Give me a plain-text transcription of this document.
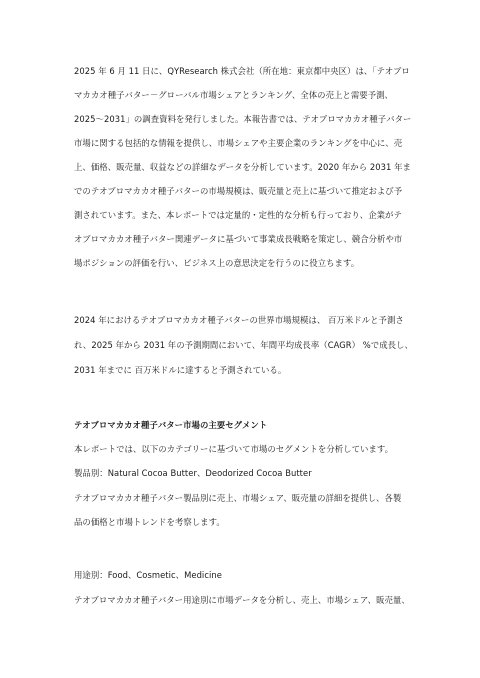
2025 年 6 月 11 日に、QYResearch 株式会社（所在地：東京都中央区）は、「テオブロ
マカカオ種子バター－グローバル市場シェアとランキング、全体の売上と需要予測、
2025～2031」の調査資料を発行しました。本報告書では、テオブロマカカオ種子バター
市場に関する包括的な情報を提供し、市場シェアや主要企業のランキングを中心に、売
上、価格、販売量、収益などの詳細なデータを分析しています。2020 年から 2031 年ま
でのテオブロマカカオ種子バターの市場規模は、販売量と売上に基づいて推定および予
測されています。また、本レポートでは定量的・定性的な分析も行っており、企業がテ
オブロマカカオ種子バター関連データに基づいて事業成長戦略を策定し、競合分析や市
場ポジションの評価を行い、ビジネス上の意思決定を行うのに役立ちます。
2024 年におけるテオブロマカカオ種子バターの世界市場規模は、 百万米ドルと予測さ
れ、2025 年から 2031 年の予測期間において、年間平均成長率（CAGR） %で成長し、
2031 年までに 百万米ドルに達すると予測されている。
テオブロマカカオ種子バター市場の主要セグメント
本レポートでは、以下のカテゴリーに基づいて市場のセグメントを分析しています。
製品別：Natural Cocoa Butter、Deodorized Cocoa Butter
テオブロマカカオ種子バター製品別に売上、市場シェア、販売量の詳細を提供し、各製
品の価格と市場トレンドを考察します。
用途別：Food、Cosmetic、Medicine
テオブロマカカオ種子バター用途別に市場データを分析し、売上、市場シェア、販売量、
